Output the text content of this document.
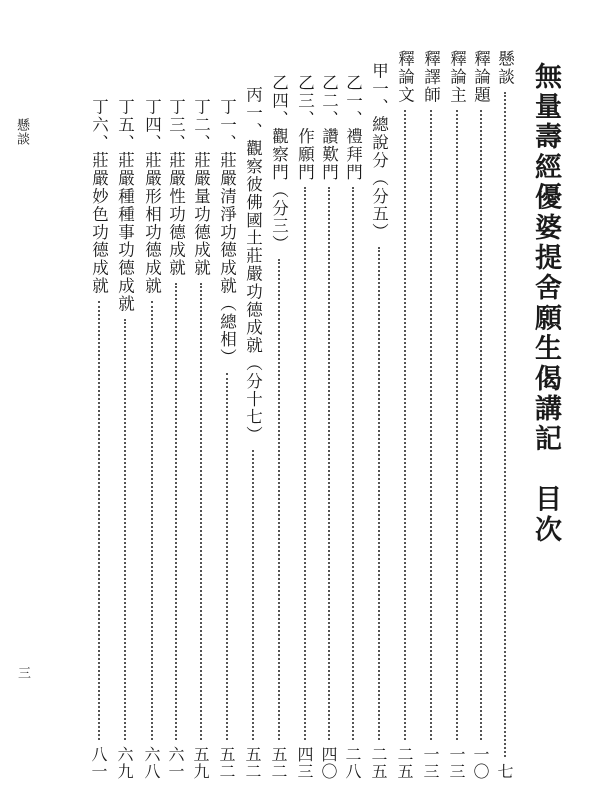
無量壽經優婆提舍願生偈講記　目次
懸談
三
懸談
七
釋論題
一〇
釋論主
一三
釋譯師
一三
釋論文
二五
甲一、總說分（分五）
二五
乙一、禮拜門
二八
乙二、讚歎門
四〇
乙三、作願門
四三
乙四、觀察門（分三）
五二
丙一、觀察彼佛國土莊嚴功德成就（分十七）
五二
丁一、莊嚴清淨功德成就（總相）
五二
丁二、莊嚴量功德成就
五九
丁三、莊嚴性功德成就
六一
丁四、莊嚴形相功德成就
六八
丁五、莊嚴種種事功德成就
六九
丁六、莊嚴妙色功德成就
八一
